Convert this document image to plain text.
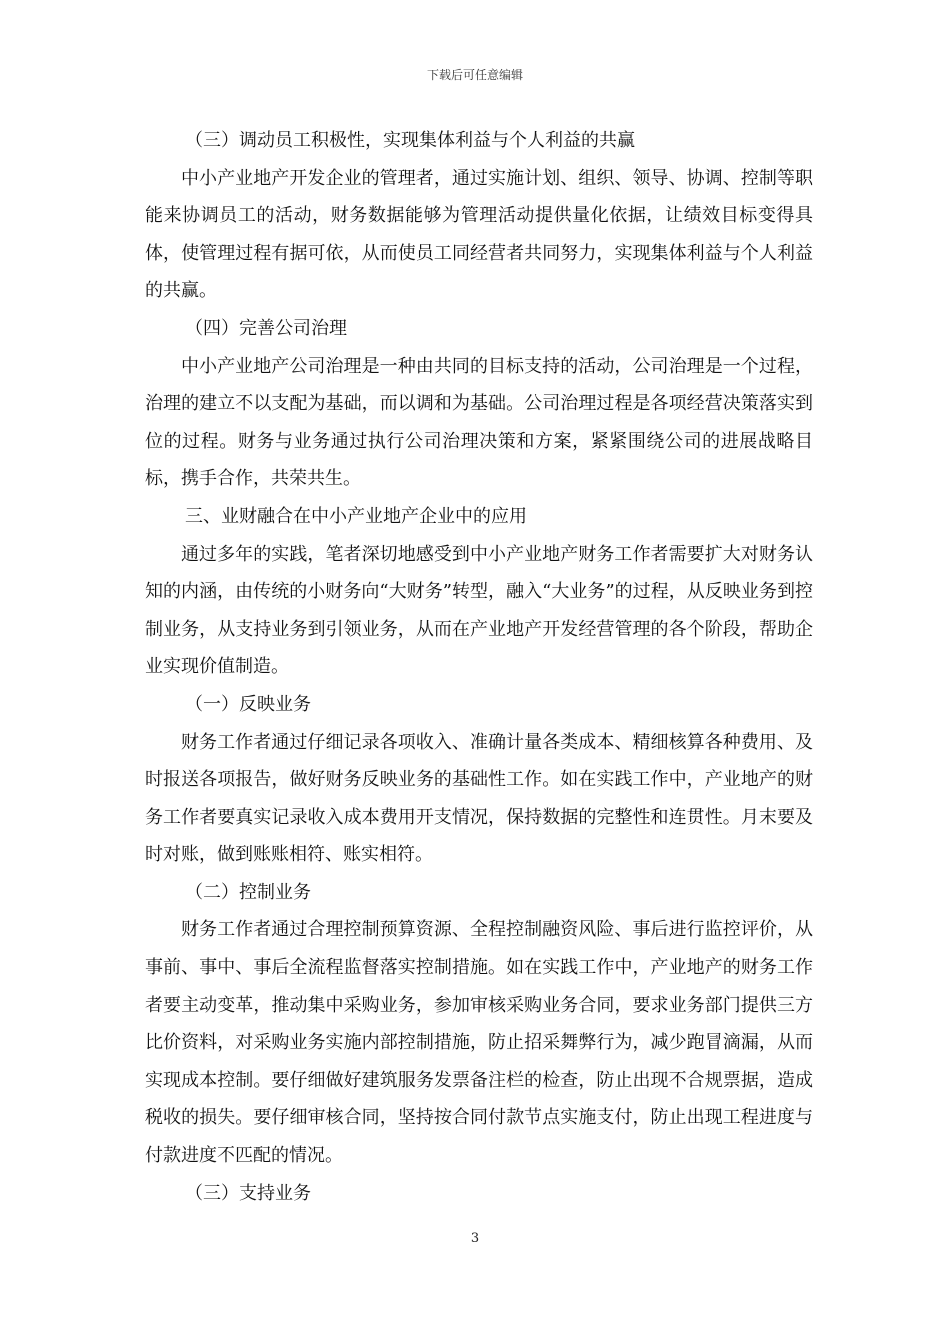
下载后可任意编辑
（三）调动员工积极性，实现集体利益与个人利益的共赢
中小产业地产开发企业的管理者，通过实施计划、组织、领导、协调、控制等职能来协调员工的活动，财务数据能够为管理活动提供量化依据，让绩效目标变得具体，使管理过程有据可依，从而使员工同经营者共同努力，实现集体利益与个人利益的共赢。
（四）完善公司治理
中小产业地产公司治理是一种由共同的目标支持的活动，公司治理是一个过程，治理的建立不以支配为基础，而以调和为基础。公司治理过程是各项经营决策落实到位的过程。财务与业务通过执行公司治理决策和方案，紧紧围绕公司的进展战略目标，携手合作，共荣共生。
三、业财融合在中小产业地产企业中的应用
通过多年的实践，笔者深切地感受到中小产业地产财务工作者需要扩大对财务认知的内涵，由传统的小财务向“大财务”转型，融入“大业务”的过程，从反映业务到控制业务，从支持业务到引领业务，从而在产业地产开发经营管理的各个阶段，帮助企业实现价值制造。
（一）反映业务
财务工作者通过仔细记录各项收入、准确计量各类成本、精细核算各种费用、及时报送各项报告，做好财务反映业务的基础性工作。如在实践工作中，产业地产的财务工作者要真实记录收入成本费用开支情况，保持数据的完整性和连贯性。月末要及时对账，做到账账相符、账实相符。
（二）控制业务
财务工作者通过合理控制预算资源、全程控制融资风险、事后进行监控评价，从事前、事中、事后全流程监督落实控制措施。如在实践工作中，产业地产的财务工作者要主动变革，推动集中采购业务，参加审核采购业务合同，要求业务部门提供三方比价资料，对采购业务实施内部控制措施，防止招采舞弊行为，减少跑冒滴漏，从而实现成本控制。要仔细做好建筑服务发票备注栏的检查，防止出现不合规票据，造成税收的损失。要仔细审核合同，坚持按合同付款节点实施支付，防止出现工程进度与付款进度不匹配的情况。
（三）支持业务
3
